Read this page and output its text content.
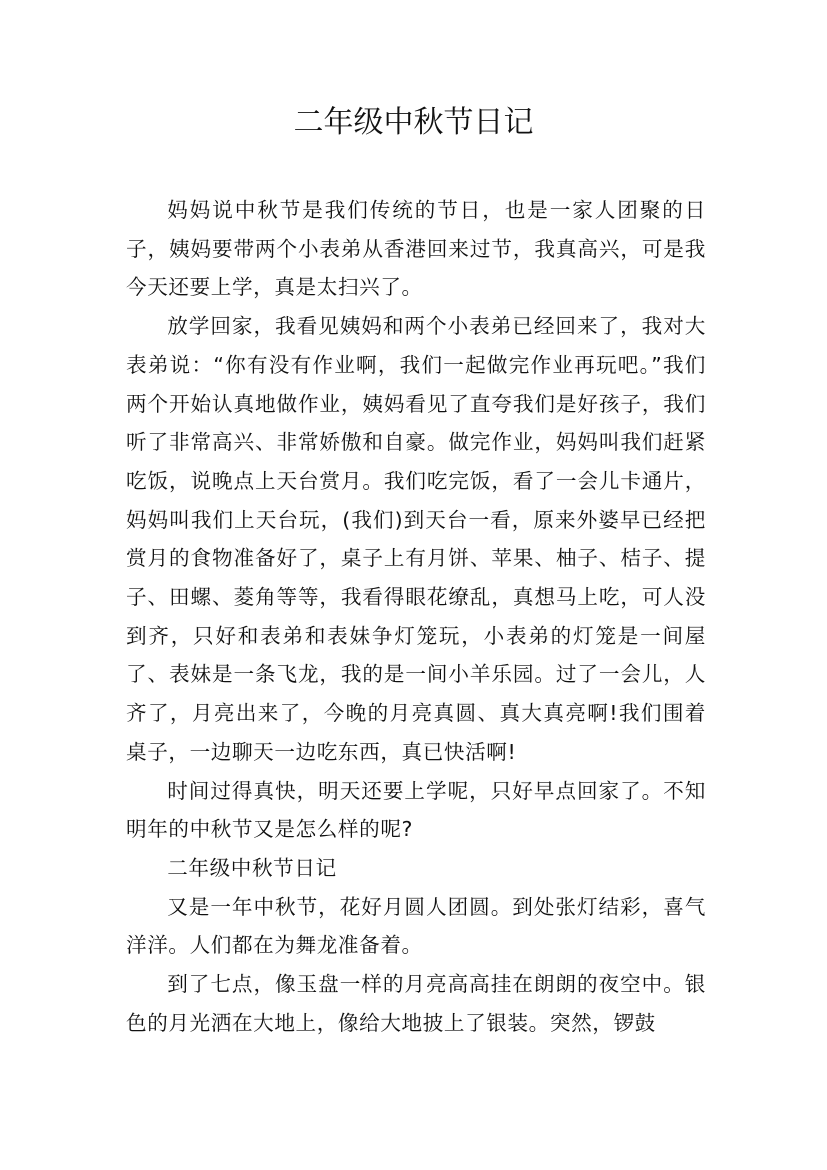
二年级中秋节日记

妈妈说中秋节是我们传统的节日，也是一家人团聚的日子，姨妈要带两个小表弟从香港回来过节，我真高兴，可是我今天还要上学，真是太扫兴了。

放学回家，我看见姨妈和两个小表弟已经回来了，我对大表弟说：“你有没有作业啊，我们一起做完作业再玩吧。”我们两个开始认真地做作业，姨妈看见了直夸我们是好孩子，我们听了非常高兴、非常娇傲和自豪。做完作业，妈妈叫我们赶紧吃饭，说晚点上天台赏月。我们吃完饭，看了一会儿卡通片，妈妈叫我们上天台玩，(我们)到天台一看，原来外婆早已经把赏月的食物准备好了，桌子上有月饼、苹果、柚子、桔子、提子、田螺、菱角等等，我看得眼花缭乱，真想马上吃，可人没到齐，只好和表弟和表妹争灯笼玩，小表弟的灯笼是一间屋了、表妹是一条飞龙，我的是一间小羊乐园。过了一会儿，人齐了，月亮出来了，今晚的月亮真圆、真大真亮啊!我们围着桌子，一边聊天一边吃东西，真已快活啊!

时间过得真快，明天还要上学呢，只好早点回家了。不知明年的中秋节又是怎么样的呢?

二年级中秋节日记

又是一年中秋节，花好月圆人团圆。到处张灯结彩，喜气洋洋。人们都在为舞龙准备着。

到了七点，像玉盘一样的月亮高高挂在朗朗的夜空中。银色的月光洒在大地上，像给大地披上了银装。突然，锣鼓
